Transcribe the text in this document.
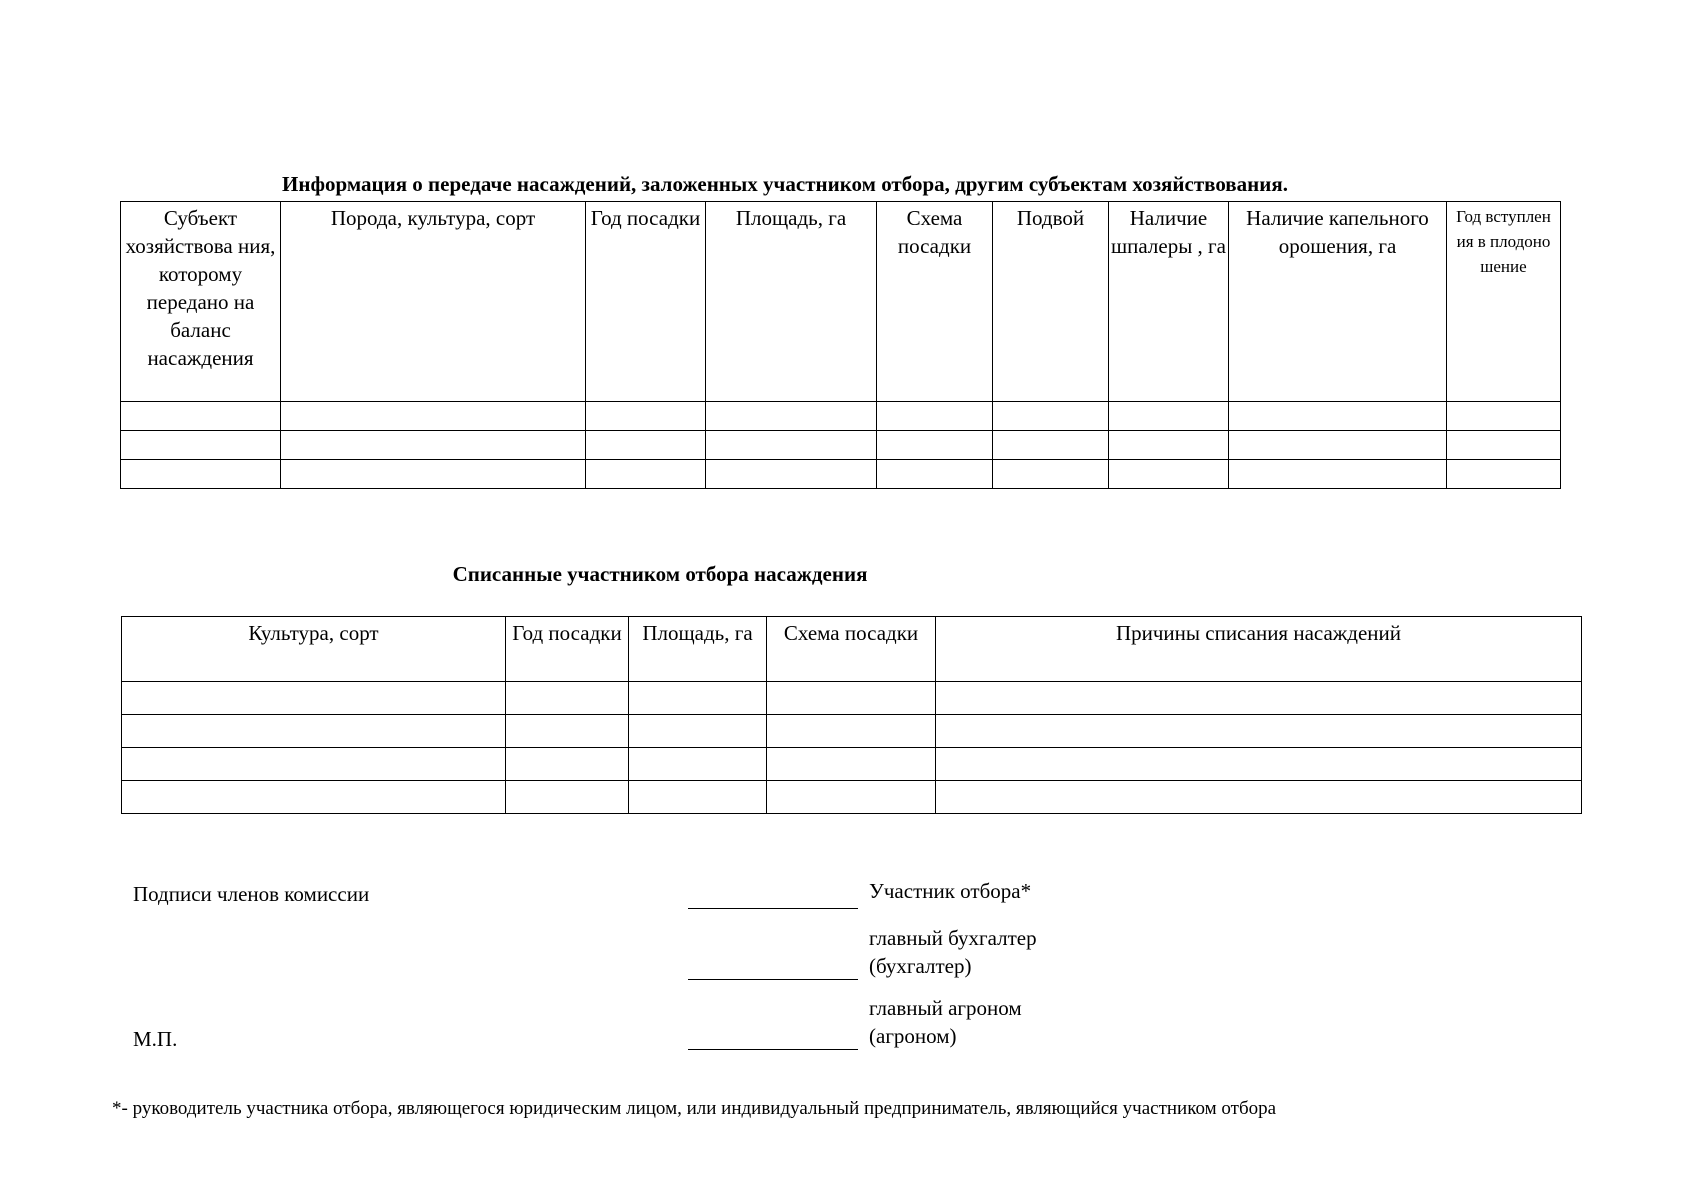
Информация о передаче насаждений, заложенных участником отбора, другим субъектам хозяйствования.
Субъект хозяйствова ния, которому передано на баланс насаждения	Порода, культура, сорт	Год посадки	Площадь, га	Схема посадки	Подвой	Наличие шпалеры , га	Наличие капельного орошения, га	Год вступлен ия в плодоно шение

Списанные участником отбора насаждения
Культура, сорт	Год посадки	Площадь, га	Схема посадки	Причины списания насаждений

Подписи членов комиссии	Участник отбора*
главный бухгалтер (бухгалтер)
М.П.
главный агроном (агроном)
*- руководитель участника отбора, являющегося юридическим лицом, или индивидуальный предприниматель, являющийся участником отбора
